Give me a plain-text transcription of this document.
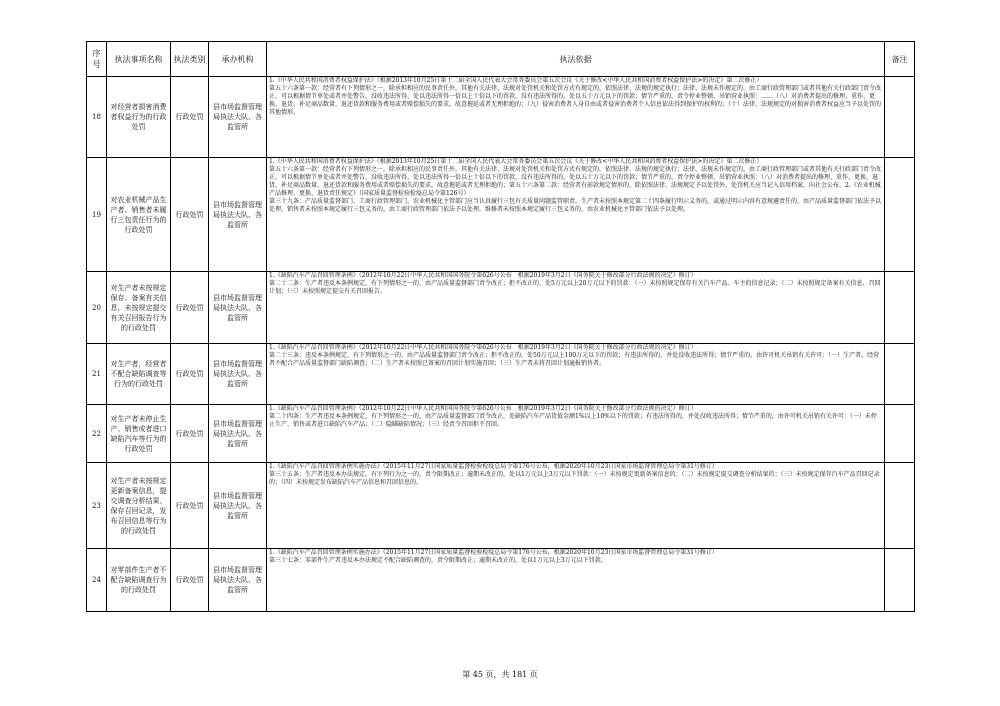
序号	执法事项名称	执法类别	承办机构	执法依据	备注
18	对经营者损害消费者权益行为的行政处罚	行政处罚	县市场监督管理局执法大队、各监管所	1.《中华人民共和国消费者权益保护法》（根据2013年10月25日第十二届全国人民代表大会常务委员会第五次会议《关于修改<中华人民共和国消费者权益保护法>的决定》第二次修正）
第五十六条第一款：经营者有下列情形之一，除承担相应的民事责任外，其他有关法律、法规对处罚机关和处罚方式有规定的，依照法律、法规的规定执行；法律、法规未作规定的，由工商行政管理部门或者其他有关行政部门责令改正，可以根据情节单处或者并处警告、没收违法所得、处以违法所得一倍以上十倍以下的罚款，没有违法所得的，处以五十万元以下的罚款；情节严重的，责令停业整顿、吊销营业执照：……（八）对消费者提出的修理、重作、更换、退货、补足商品数量、退还货款和服务费用或者赔偿损失的要求，故意拖延或者无理拒绝的；（九）侵害消费者人身自由或者侵害消费者个人信息依法得到保护的权利的；（十）法律、法规规定的对损害消费者权益应当予以处罚的其他情形。	

19	对农业机械产品生产者、销售者未履行三包责任行为的行政处罚	行政处罚	县市场监督管理局执法大队、各监管所	1.《中华人民共和国消费者权益保护法》（根据2013年10月25日第十二届全国人民代表大会常务委员会第五次会议《关于修改<中华人民共和国消费者权益保护法>的决定》第二次修正）
第五十六条第一款：经营者有下列情形之一，除承担相应的民事责任外，其他有关法律、法规对处罚机关和处罚方式有规定的，依照法律、法规的规定执行；法律、法规未作规定的，由工商行政管理部门或者其他有关行政部门责令改正，可以根据情节单处或者并处警告、没收违法所得、处以违法所得一倍以上十倍以下的罚款，没有违法所得的，处以五十万元以下的罚款；情节严重的，责令停业整顿、吊销营业执照：（八）对消费者提出的修理、重作、更换、退货、补足商品数量、退还货款和服务费用或者赔偿损失的要求，故意拖延或者无理拒绝的；第五十六条第二款：经营者有前款规定情形的，除依照法律、法规规定予以处罚外，处罚机关应当记入信用档案，向社会公布。2.《农业机械产品修理、更换、退货责任规定》（国家质量监督检验检疫总局令第126号）
第三十九条：产品质量监督部门、工商行政管理部门、农业机械化主管部门应当认真履行三包有关质量问题监管职责。生产者未按照本规定第二十四条履行明示义务的，或通过明示内容有意规避责任的，由产品质量监督部门依法予以处理。销售者未按照本规定履行三包义务的，由工商行政管理部门依法予以处理。维修者未按照本规定履行三包义务的，由农业机械化主管部门依法予以处理。	

20	对生产者未按规定保存、备案有关信息，未按规定提交有关召回报告行为的行政处罚	行政处罚	县市场监督管理局执法大队、各监管所	1.《缺陷汽车产品召回管理条例》（2012年10月22日中华人民共和国国务院令第626号公布　根据2019年3月2日《国务院关于修改部分行政法规的决定》修订）
第二十二条：生产者违反本条例规定，有下列情形之一的，由产品质量监督部门责令改正；拒不改正的，处5万元以上20万元以下的罚款：（一）未按照规定保存有关汽车产品、车主的信息记录；（二）未按照规定备案有关信息、召回计划；（三）未按照规定提交有关召回报告。	

21	对生产者，经营者不配合缺陷调查等行为的行政处罚	行政处罚	县市场监督管理局执法大队、各监管所	1.《缺陷汽车产品召回管理条例》（2012年10月22日中华人民共和国国务院令第626号公布　根据2019年3月2日《国务院关于修改部分行政法规的决定》修订）
第二十三条：违反本条例规定，有下列情形之一的，由产品质量监督部门责令改正；拒不改正的，处50万元以上100万元以下的罚款；有违法所得的，并处没收违法所得；情节严重的，由许可机关吊销有关许可：（一）生产者、经营者不配合产品质量监督部门缺陷调查；（二）生产者未按照已备案的召回计划实施召回；（三）生产者未将召回计划通报销售者。	

22	对生产者未停止生产、销售或者进口缺陷汽车等行为的行政处罚	行政处罚	县市场监督管理局执法大队、各监管所	1.《缺陷汽车产品召回管理条例》（2012年10月22日中华人民共和国国务院令第626号公布　根据2019年3月2日《国务院关于修改部分行政法规的决定》修订）
第二十四条：生产者违反本条例规定，有下列情形之一的，由产品质量监督部门责令改正，处缺陷汽车产品货值金额1%以上10%以下的罚款；有违法所得的，并处没收违法所得；情节严重的，由许可机关吊销有关许可：（一）未停止生产、销售或者进口缺陷汽车产品；（二）隐瞒缺陷情况；（三）经责令召回拒不召回。	

23	对生产者未按规定更新备案信息，提交调查分析结果、保存召回记录，发布召回信息等行为的行政处罚	行政处罚	县市场监督管理局执法大队、各监管所	1.《缺陷汽车产品召回管理条例实施办法》（2015年11月27日国家质量监督检验检疫总局令第176号公布，根据2020年10月23日国家市场监督管理总局令第31号修订）
第三十五条：生产者违反本办法规定，有下列行为之一的，责令限期改正；逾期未改正的，处以1万元以上3万元以下罚款：（一）未按规定更新备案信息的；（二）未按规定提交调查分析结果的；（三）未按规定保存汽车产品召回记录的；（四）未按规定发布缺陷汽车产品信息和召回信息的。	

24	对零部件生产者不配合缺陷调查行为的行政处罚	行政处罚	县市场监督管理局执法大队、各监管所	1.《缺陷汽车产品召回管理条例实施办法》（2015年11月27日国家质量监督检验检疫总局令第176号公布，根据2020年10月23日国家市场监督管理总局令第31号修订）
第三十七条：零部件生产者违反本办法规定不配合缺陷调查的，责令限期改正；逾期未改正的，处以1万元以上3万元以下罚款。	

第 45 页，共 181 页
